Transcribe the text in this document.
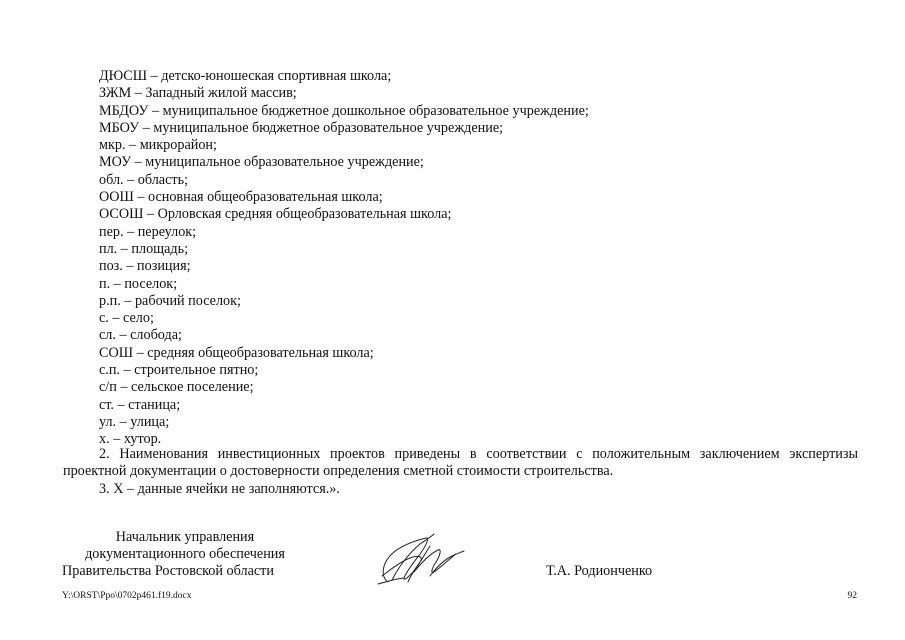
ДЮСШ – детско-юношеская спортивная школа;
ЗЖМ – Западный жилой массив;
МБДОУ – муниципальное бюджетное дошкольное образовательное учреждение;
МБОУ – муниципальное бюджетное образовательное учреждение;
мкр. – микрорайон;
МОУ – муниципальное образовательное учреждение;
обл. – область;
ООШ – основная общеобразовательная школа;
ОСОШ – Орловская средняя общеобразовательная школа;
пер. – переулок;
пл. – площадь;
поз. – позиция;
п. – поселок;
р.п. – рабочий поселок;
с. – село;
сл. – слобода;
СОШ – средняя общеобразовательная школа;
с.п. – строительное пятно;
с/п – сельское поселение;
ст. – станица;
ул. – улица;
х. – хутор.

2. Наименования инвестиционных проектов приведены в соответствии с положительным заключением экспертизы проектной документации о достоверности определения сметной стоимости строительства.

3. Х – данные ячейки не заполняются.».

Начальник управления
документационного обеспечения
Правительства Ростовской области	Т.А. Родионченко
Y:\ORST\Ppo\0702p461.f19.docx	92
